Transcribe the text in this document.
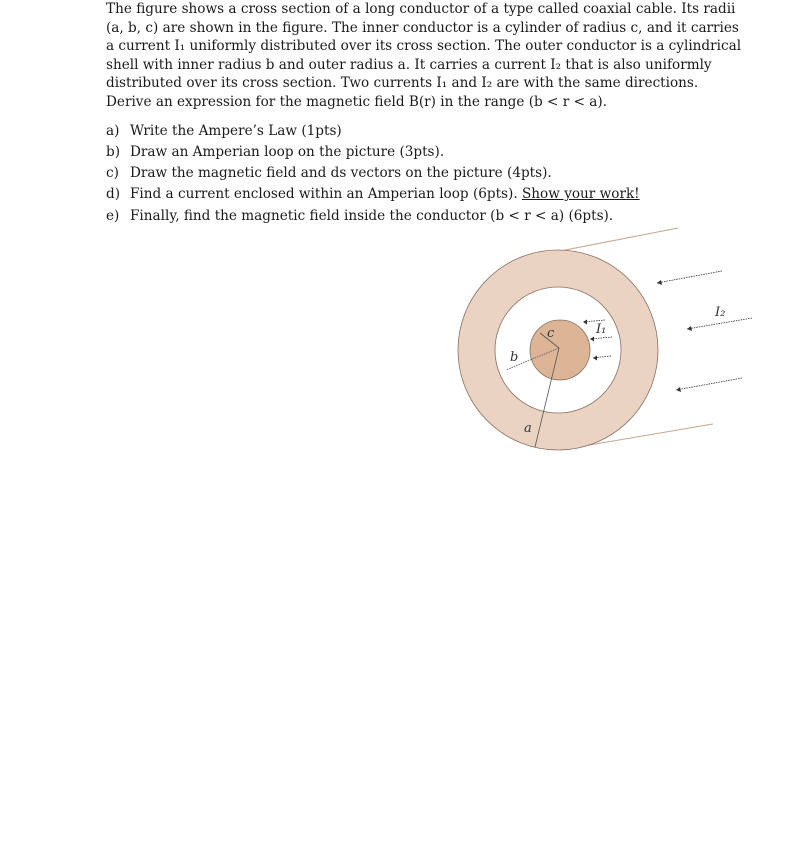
The figure shows a cross section of a long conductor of a type called coaxial cable. Its radii
(a, b, c) are shown in the figure. The inner conductor is a cylinder of radius c, and it carries
a current I₁ uniformly distributed over its cross section. The outer conductor is a cylindrical
shell with inner radius b and outer radius a. It carries a current I₂ that is also uniformly
distributed over its cross section. Two currents I₁ and I₂ are with the same directions.
Derive an expression for the magnetic field B(r) in the range (b < r < a).

a) Write the Ampere’s Law (1pts)
b) Draw an Amperian loop on the picture (3pts).
c) Draw the magnetic field and ds vectors on the picture (4pts).
d) Find a current enclosed within an Amperian loop (6pts). Show your work!
e) Finally, find the magnetic field inside the conductor (b < r < a) (6pts).
c
b
a
I₁
I₂
